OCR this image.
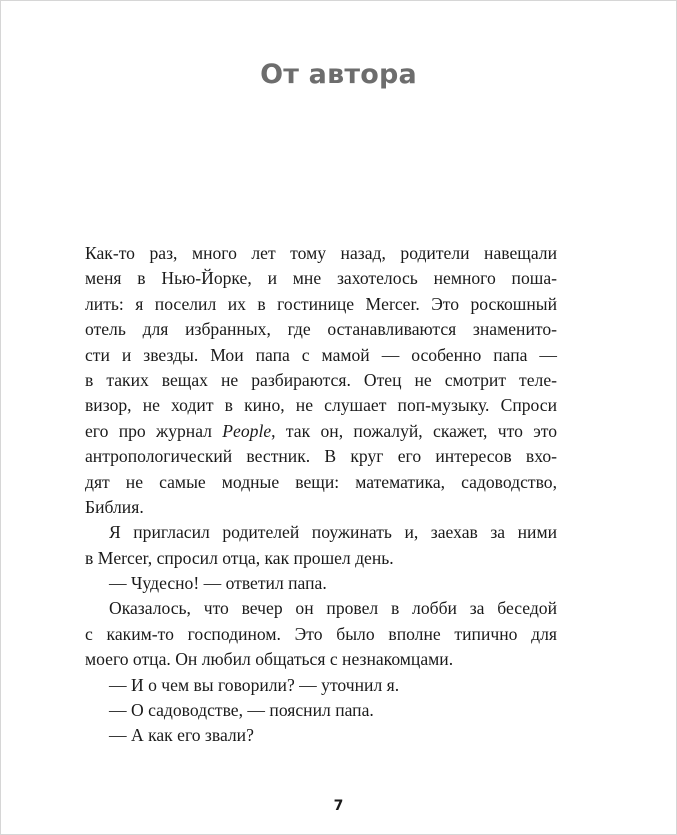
От автора
Как-то раз, много лет тому назад, родители навещали
меня в Нью-Йорке, и мне захотелось немного поша-
лить: я поселил их в гостинице Mercer. Это роскошный
отель для избранных, где останавливаются знаменито-
сти и звезды. Мои папа с мамой — особенно папа —
в таких вещах не разбираются. Отец не смотрит теле-
визор, не ходит в кино, не слушает поп-музыку. Спроси
его про журнал People, так он, пожалуй, скажет, что это
антропологический вестник. В круг его интересов вхо-
дят не самые модные вещи: математика, садоводство,
Библия.
Я пригласил родителей поужинать и, заехав за ними
в Mercer, спросил отца, как прошел день.
— Чудесно! — ответил папа.
Оказалось, что вечер он провел в лобби за беседой
с каким-то господином. Это было вполне типично для
моего отца. Он любил общаться с незнакомцами.
— И о чем вы говорили? — уточнил я.
— О садоводстве, — пояснил папа.
— А как его звали?
7
